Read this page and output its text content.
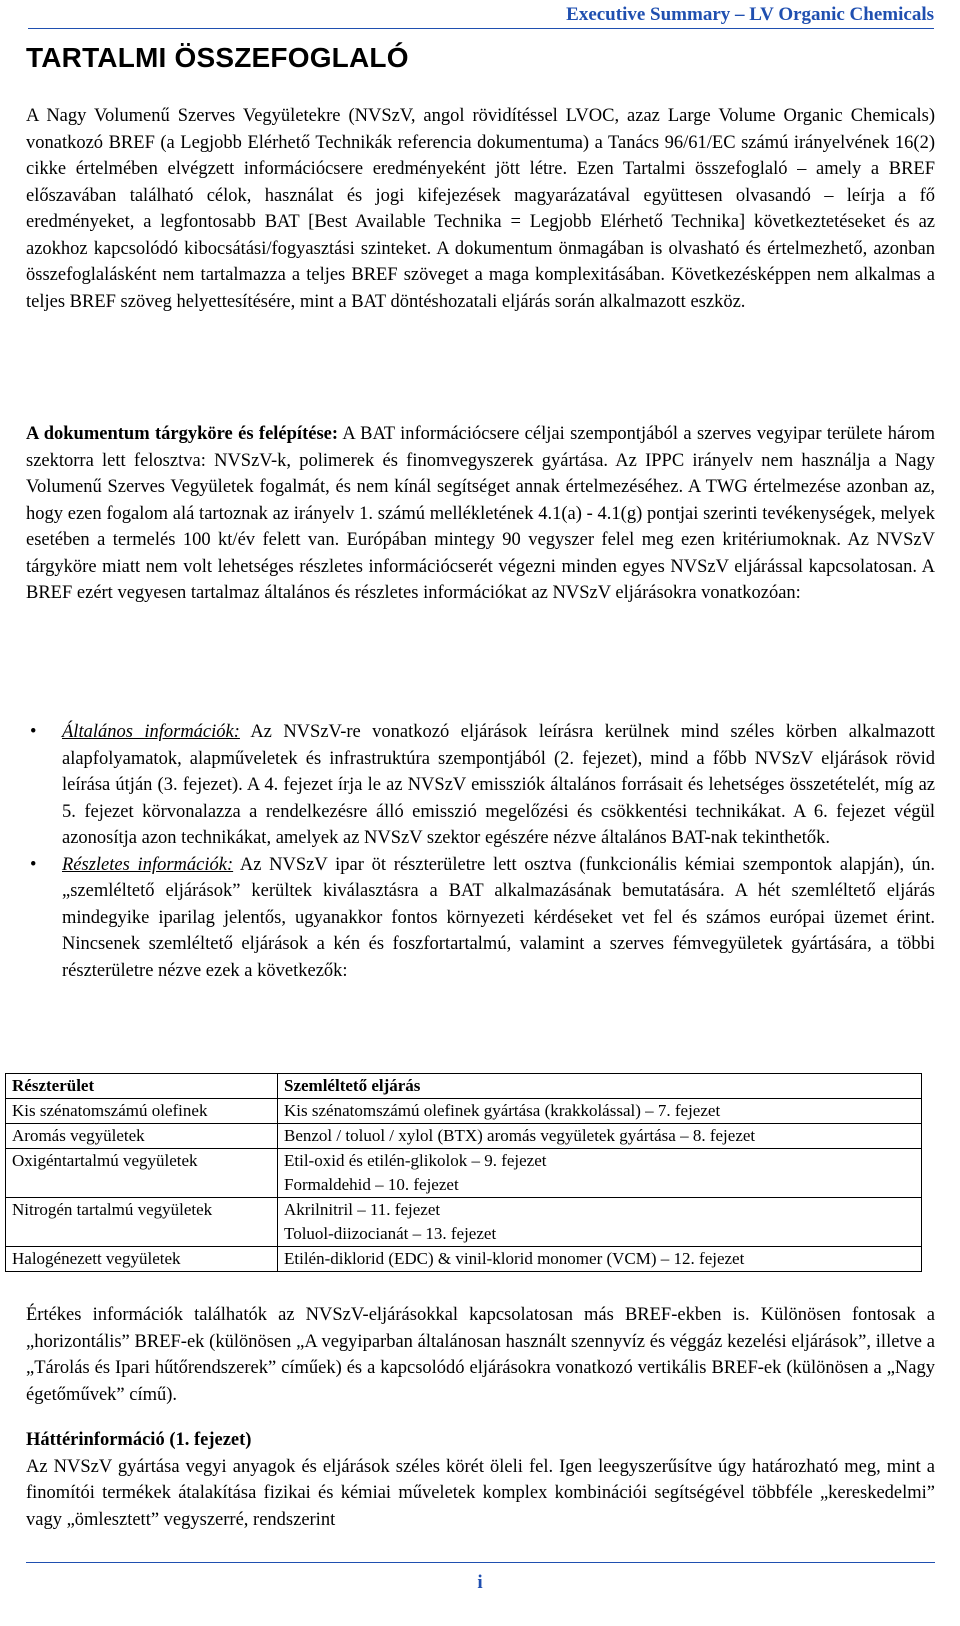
Executive Summary – LV Organic Chemicals
TARTALMI ÖSSZEFOGLALÓ

A Nagy Volumenű Szerves Vegyületekre (NVSzV, angol rövidítéssel LVOC, azaz Large Volume Organic Chemicals) vonatkozó BREF (a Legjobb Elérhető Technikák referencia dokumentuma) a Tanács 96/61/EC számú irányelvének 16(2) cikke értelmében elvégzett információcsere eredményeként jött létre. Ezen Tartalmi összefoglaló – amely a BREF előszavában található célok, használat és jogi kifejezések magyarázatával együttesen olvasandó – leírja a fő eredményeket, a legfontosabb BAT [Best Available Technika = Legjobb Elérhető Technika] következtetéseket és az azokhoz kapcsolódó kibocsátási/fogyasztási szinteket. A dokumentum önmagában is olvasható és értelmezhető, azonban összefoglalásként nem tartalmazza a teljes BREF szöveget a maga komplexitásában. Következésképpen nem alkalmas a teljes BREF szöveg helyettesítésére, mint a BAT döntéshozatali eljárás során alkalmazott eszköz.

A dokumentum tárgyköre és felépítése: A BAT információcsere céljai szempontjából a szerves vegyipar területe három szektorra lett felosztva: NVSzV-k, polimerek és finomvegyszerek gyártása. Az IPPC irányelv nem használja a Nagy Volumenű Szerves Vegyületek fogalmát, és nem kínál segítséget annak értelmezéséhez. A TWG értelmezése azonban az, hogy ezen fogalom alá tartoznak az irányelv 1. számú mellékletének 4.1(a) - 4.1(g) pontjai szerinti tevékenységek, melyek esetében a termelés 100 kt/év felett van. Európában mintegy 90 vegyszer felel meg ezen kritériumoknak. Az NVSzV tárgyköre miatt nem volt lehetséges részletes információcserét végezni minden egyes NVSzV eljárással kapcsolatosan. A BREF ezért vegyesen tartalmaz általános és részletes információkat az NVSzV eljárásokra vonatkozóan:

• Általános információk: Az NVSzV-re vonatkozó eljárások leírásra kerülnek mind széles körben alkalmazott alapfolyamatok, alapműveletek és infrastruktúra szempontjából (2. fejezet), mind a főbb NVSzV eljárások rövid leírása útján (3. fejezet). A 4. fejezet írja le az NVSzV emissziók általános forrásait és lehetséges összetételét, míg az 5. fejezet körvonalazza a rendelkezésre álló emisszió megelőzési és csökkentési technikákat. A 6. fejezet végül azonosítja azon technikákat, amelyek az NVSzV szektor egészére nézve általános BAT-nak tekinthetők.
• Részletes információk: Az NVSzV ipar öt részterületre lett osztva (funkcionális kémiai szempontok alapján), ún. „szemléltető eljárások” kerültek kiválasztásra a BAT alkalmazásának bemutatására. A hét szemléltető eljárás mindegyike iparilag jelentős, ugyanakkor fontos környezeti kérdéseket vet fel és számos európai üzemet érint. Nincsenek szemléltető eljárások a kén és foszfortartalmú, valamint a szerves fémvegyületek gyártására, a többi részterületre nézve ezek a következők:
Részterület	Szemléltető eljárás
Kis szénatomszámú olefinek	Kis szénatomszámú olefinek gyártása (krakkolással) – 7. fejezet

Aromás vegyületek	Benzol / toluol / xylol (BTX) aromás vegyületek gyártása – 8. fejezet

Oxigéntartalmú vegyületek	Etil-oxid és etilén-glikolok – 9. fejezet
Formaldehid – 10. fejezet

Nitrogén tartalmú vegyületek	Akrilnitril – 11. fejezet
Toluol-diizocianát – 13. fejezet

Halogénezett vegyületek	Etilén-diklorid (EDC) & vinil-klorid monomer (VCM) – 12. fejezet

Értékes információk találhatók az NVSzV-eljárásokkal kapcsolatosan más BREF-ekben is. Különösen fontosak a „horizontális” BREF-ek (különösen „A vegyiparban általánosan használt szennyvíz és véggáz kezelési eljárások”, illetve a „Tárolás és Ipari hűtőrendszerek” címűek) és a kapcsolódó eljárásokra vonatkozó vertikális BREF-ek (különösen a „Nagy égetőművek” című).

Háttérinformáció (1. fejezet)
Az NVSzV gyártása vegyi anyagok és eljárások széles körét öleli fel. Igen leegyszerűsítve úgy határozható meg, mint a finomítói termékek átalakítása fizikai és kémiai műveletek komplex kombinációi segítségével többféle „kereskedelmi” vagy „ömlesztett” vegyszerré, rendszerint
i
